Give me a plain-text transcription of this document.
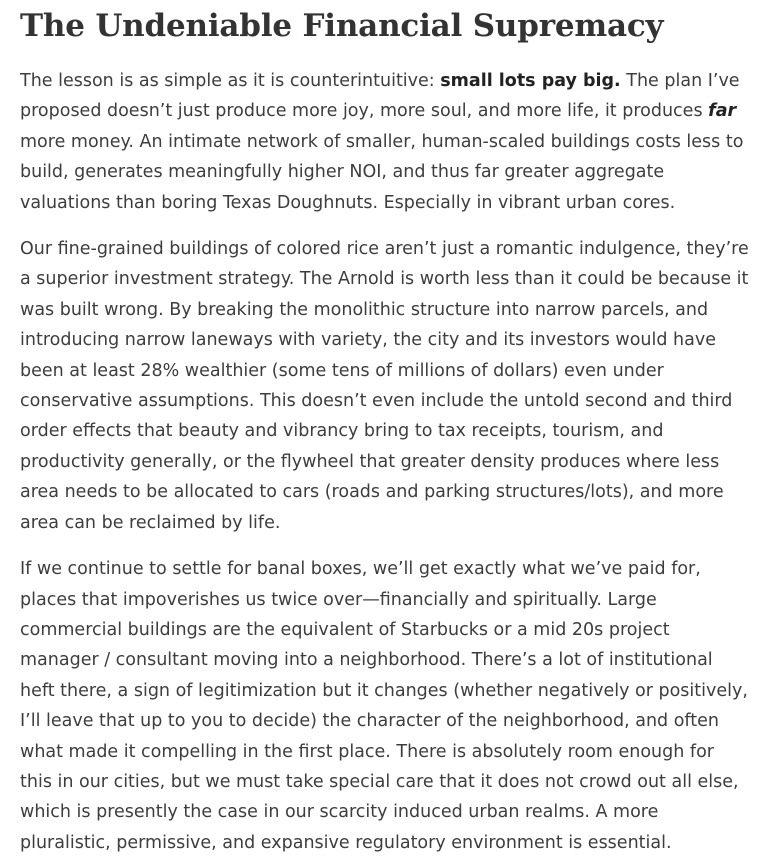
The Undeniable Financial Supremacy

The lesson is as simple as it is counterintuitive: small lots pay big. The plan I’ve proposed doesn’t just produce more joy, more soul, and more life, it produces far more money. An intimate network of smaller, human-scaled buildings costs less to build, generates meaningfully higher NOI, and thus far greater aggregate valuations than boring Texas Doughnuts. Especially in vibrant urban cores.

Our fine-grained buildings of colored rice aren’t just a romantic indulgence, they’re a superior investment strategy. The Arnold is worth less than it could be because it was built wrong. By breaking the monolithic structure into narrow parcels, and introducing narrow laneways with variety, the city and its investors would have been at least 28% wealthier (some tens of millions of dollars) even under conservative assumptions. This doesn’t even include the untold second and third order effects that beauty and vibrancy bring to tax receipts, tourism, and productivity generally, or the flywheel that greater density produces where less area needs to be allocated to cars (roads and parking structures/lots), and more area can be reclaimed by life.

If we continue to settle for banal boxes, we’ll get exactly what we’ve paid for, places that impoverishes us twice over—financially and spiritually. Large commercial buildings are the equivalent of Starbucks or a mid 20s project manager / consultant moving into a neighborhood. There’s a lot of institutional heft there, a sign of legitimization but it changes (whether negatively or positively, I’ll leave that up to you to decide) the character of the neighborhood, and often what made it compelling in the first place. There is absolutely room enough for this in our cities, but we must take special care that it does not crowd out all else, which is presently the case in our scarcity induced urban realms. A more pluralistic, permissive, and expansive regulatory environment is essential.
